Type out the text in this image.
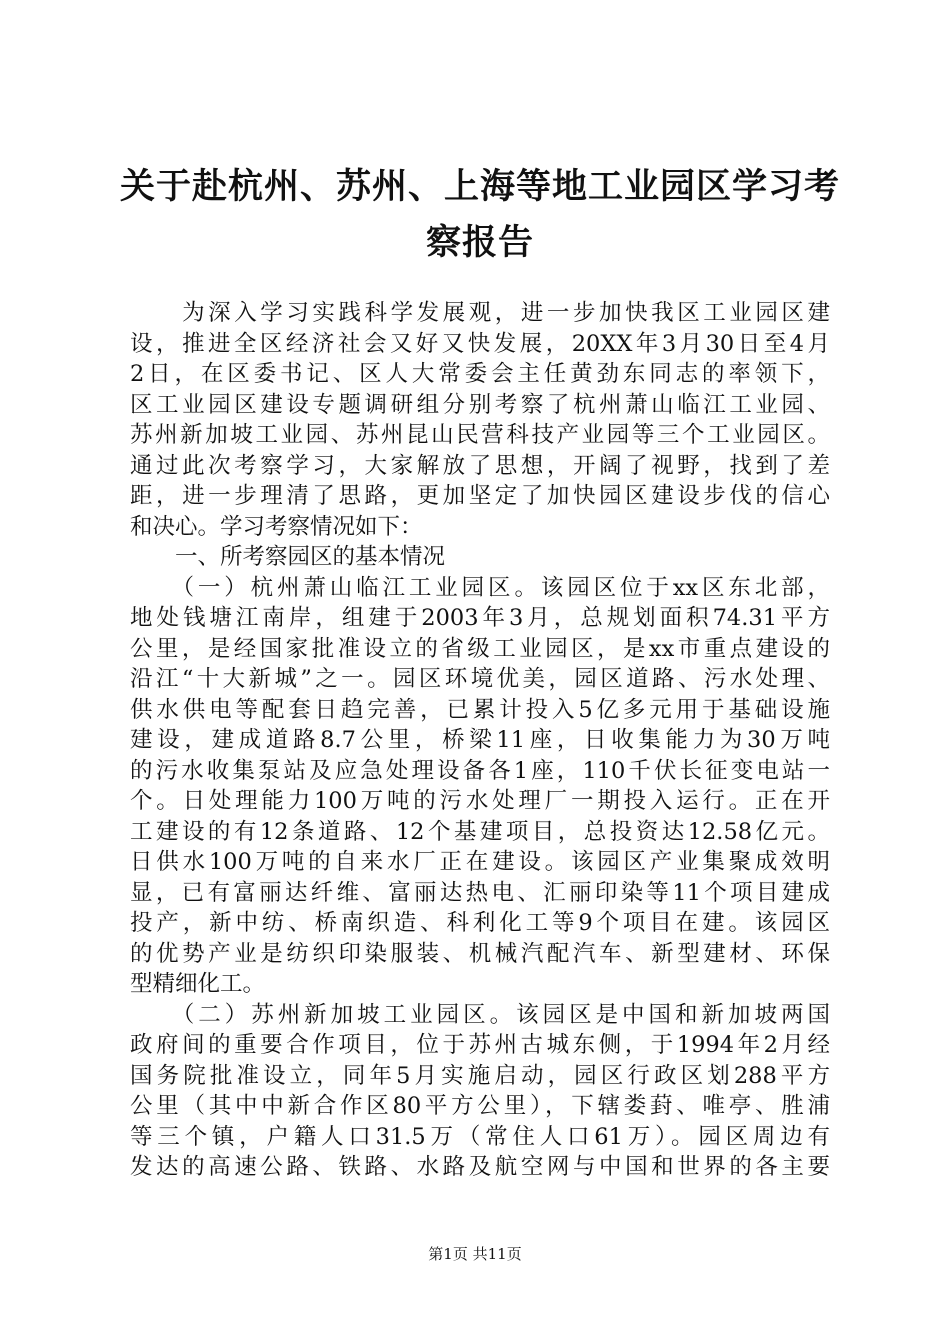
关于赴杭州、苏州、上海等地工业园区学习考
察报告
　　为深入学习实践科学发展观，进一步加快我区工业园区建
设，推进全区经济社会又好又快发展，20XX年3月30日至4月
2日，在区委书记、区人大常委会主任黄劲东同志的率领下，
区工业园区建设专题调研组分别考察了杭州萧山临江工业园、
苏州新加坡工业园、苏州昆山民营科技产业园等三个工业园区。
通过此次考察学习，大家解放了思想，开阔了视野，找到了差
距，进一步理清了思路，更加坚定了加快园区建设步伐的信心
和决心。学习考察情况如下：
　　一、所考察园区的基本情况
　　（一）杭州萧山临江工业园区。该园区位于xx区东北部，
地处钱塘江南岸，组建于2003年3月，总规划面积74.31平方
公里，是经国家批准设立的省级工业园区，是xx市重点建设的
沿江“十大新城”之一。园区环境优美，园区道路、污水处理、
供水供电等配套日趋完善，已累计投入5亿多元用于基础设施
建设，建成道路8.7公里，桥梁11座，日收集能力为30万吨
的污水收集泵站及应急处理设备各1座，110千伏长征变电站一
个。日处理能力100万吨的污水处理厂一期投入运行。正在开
工建设的有12条道路、12个基建项目，总投资达12.58亿元。
日供水100万吨的自来水厂正在建设。该园区产业集聚成效明
显，已有富丽达纤维、富丽达热电、汇丽印染等11个项目建成
投产，新中纺、桥南织造、科利化工等9个项目在建。该园区
的优势产业是纺织印染服装、机械汽配汽车、新型建材、环保
型精细化工。
　　（二）苏州新加坡工业园区。该园区是中国和新加坡两国
政府间的重要合作项目，位于苏州古城东侧，于1994年2月经
国务院批准设立，同年5月实施启动，园区行政区划288平方
公里（其中中新合作区80平方公里），下辖娄葑、唯亭、胜浦
等三个镇，户籍人口31.5万（常住人口61万）。园区周边有
发达的高速公路、铁路、水路及航空网与中国和世界的各主要
第1页 共11页
